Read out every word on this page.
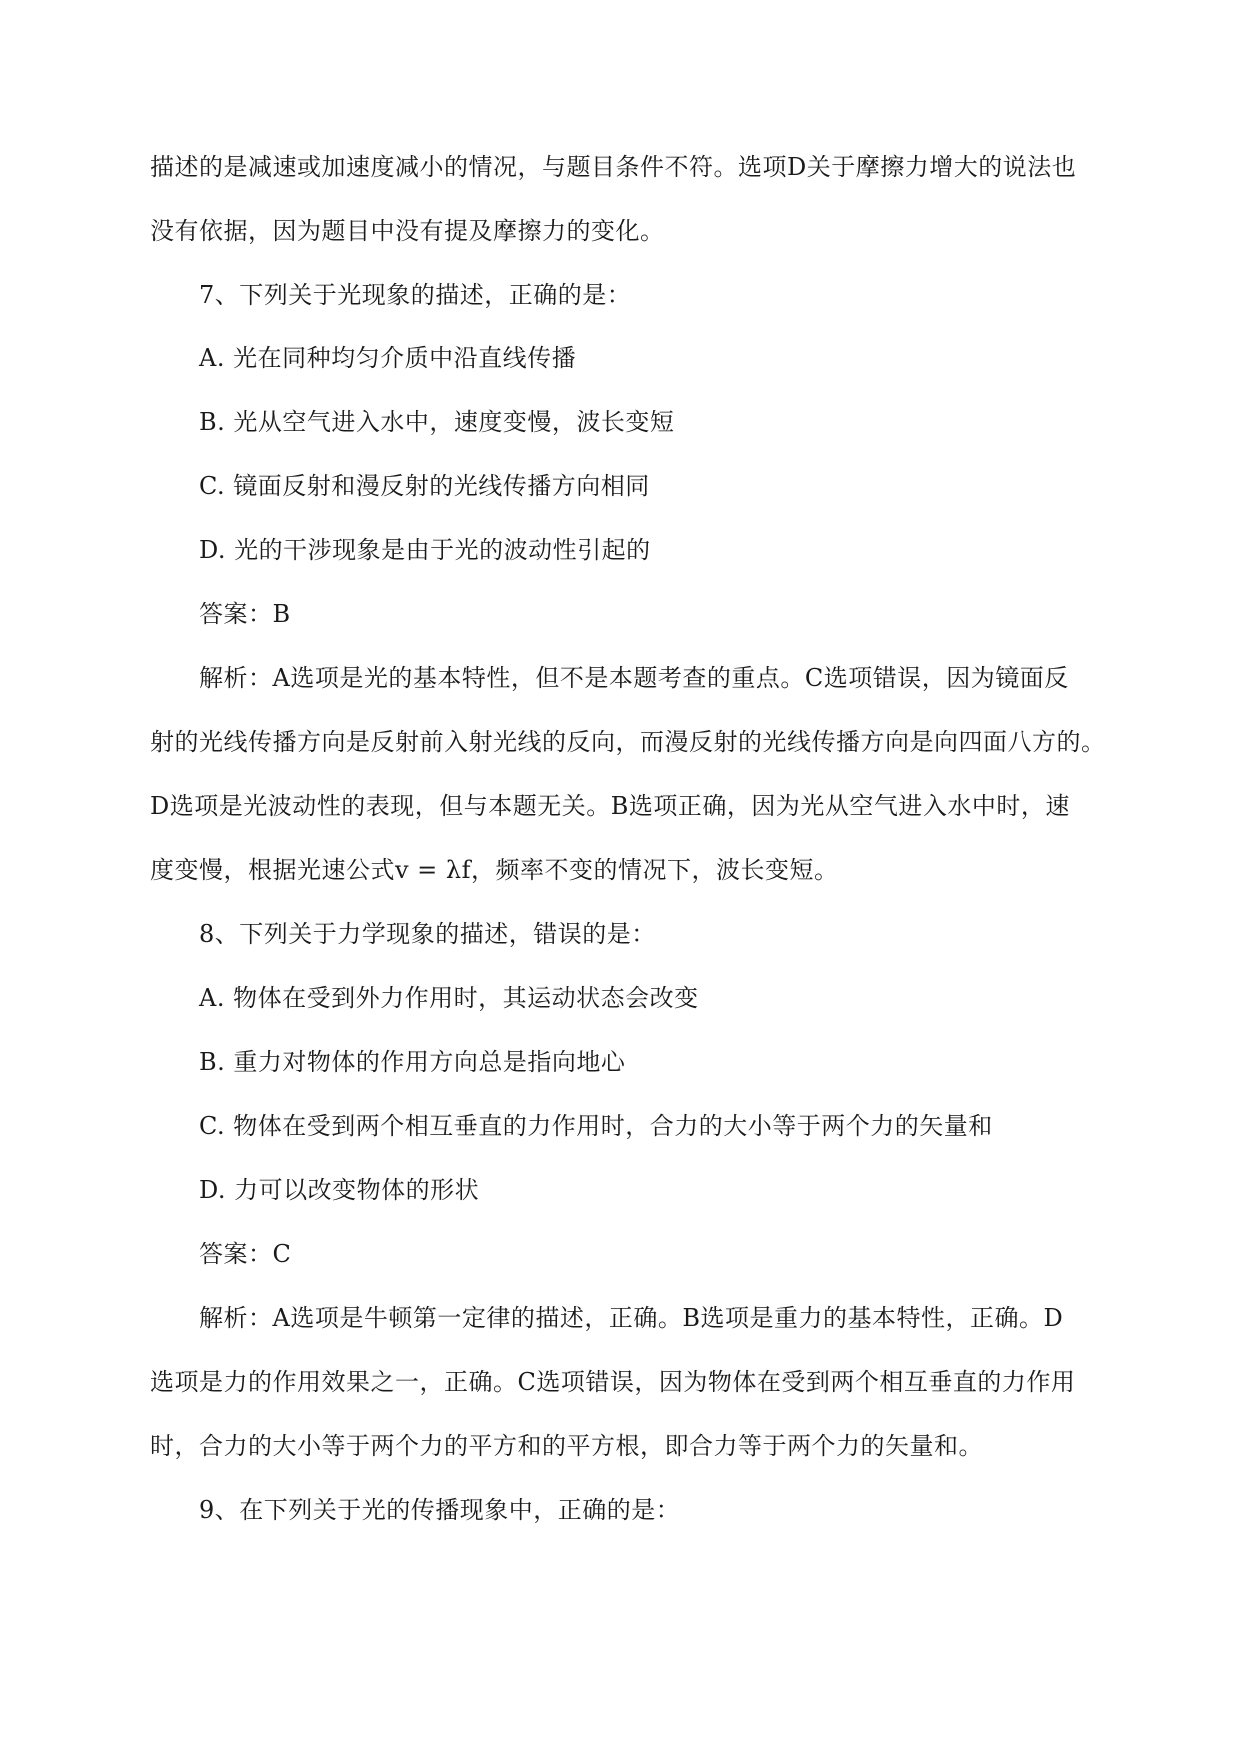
描述的是减速或加速度减小的情况，与题目条件不符。选项D关于摩擦力增大的说法也
没有依据，因为题目中没有提及摩擦力的变化。
7、下列关于光现象的描述，正确的是：
A. 光在同种均匀介质中沿直线传播
B. 光从空气进入水中，速度变慢，波长变短
C. 镜面反射和漫反射的光线传播方向相同
D. 光的干涉现象是由于光的波动性引起的
答案：B
解析：A选项是光的基本特性，但不是本题考查的重点。C选项错误，因为镜面反
射的光线传播方向是反射前入射光线的反向，而漫反射的光线传播方向是向四面八方的。
D选项是光波动性的表现，但与本题无关。B选项正确，因为光从空气进入水中时，速
度变慢，根据光速公式v = λf，频率不变的情况下，波长变短。
8、下列关于力学现象的描述，错误的是：
A. 物体在受到外力作用时，其运动状态会改变
B. 重力对物体的作用方向总是指向地心
C. 物体在受到两个相互垂直的力作用时，合力的大小等于两个力的矢量和
D. 力可以改变物体的形状
答案：C
解析：A选项是牛顿第一定律的描述，正确。B选项是重力的基本特性，正确。D
选项是力的作用效果之一，正确。C选项错误，因为物体在受到两个相互垂直的力作用
时，合力的大小等于两个力的平方和的平方根，即合力等于两个力的矢量和。
9、在下列关于光的传播现象中，正确的是：
